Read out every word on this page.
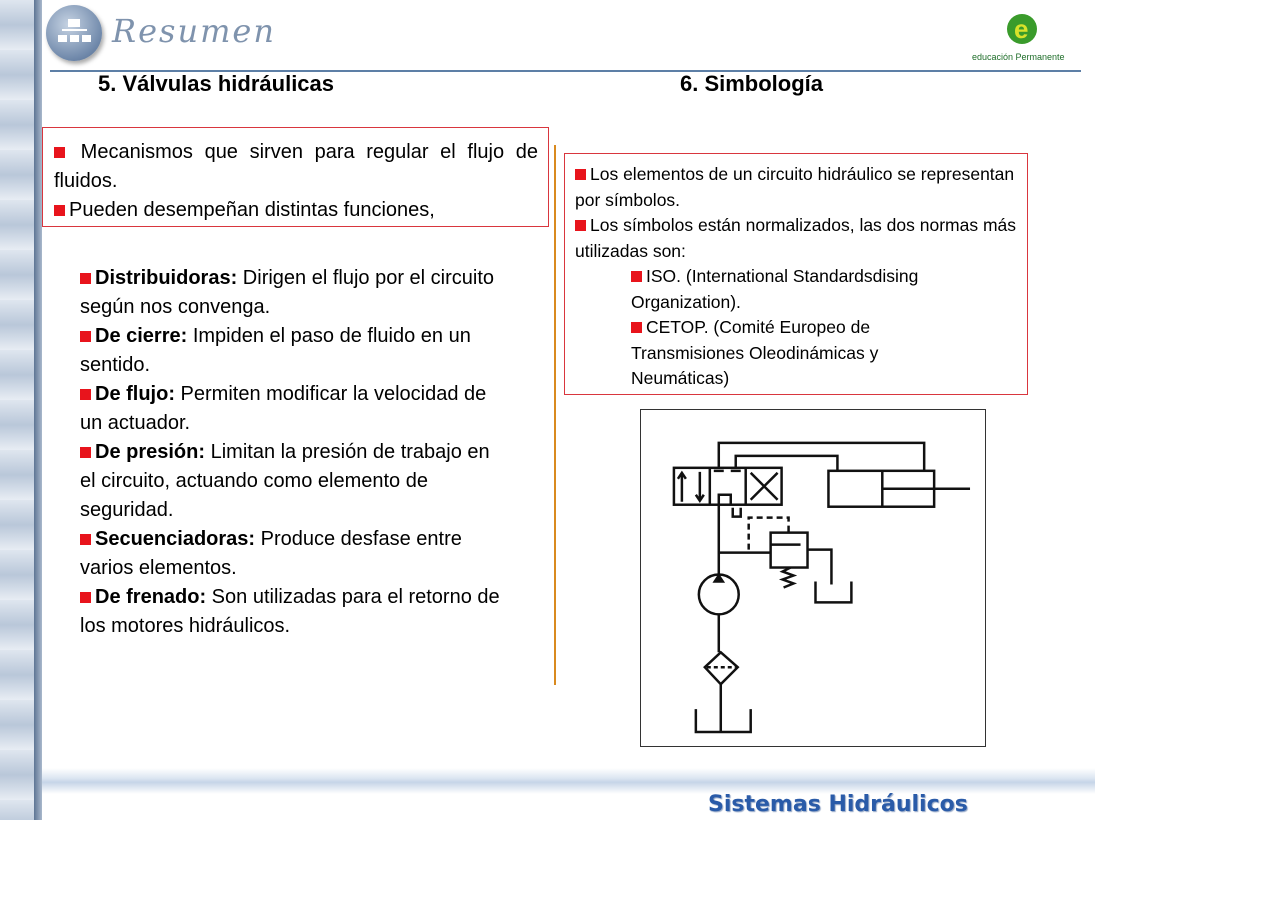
Resumen	e
educación Permanente
5. Válvulas hidráulicas	6. Simbología

Mecanismos que sirven para regular el flujo de fluidos.

Pueden desempeñan distintas funciones,

Distribuidoras: Dirigen el flujo por el circuito según nos convenga.

De cierre: Impiden el paso de fluido en un sentido.

De flujo: Permiten modificar la velocidad de un actuador.

De presión: Limitan la presión de trabajo en el circuito, actuando como elemento de seguridad.

Secuenciadoras: Produce desfase entre varios elementos.

De frenado: Son utilizadas para el retorno de los motores hidráulicos.

Los elementos de un circuito hidráulico se representan por símbolos.

Los símbolos están normalizados, las dos normas más utilizadas son:

ISO. (International Standardsdising Organization).

CETOP. (Comité Europeo de Transmisiones Oleodinámicas y Neumáticas)

Sistemas Hidráulicos
